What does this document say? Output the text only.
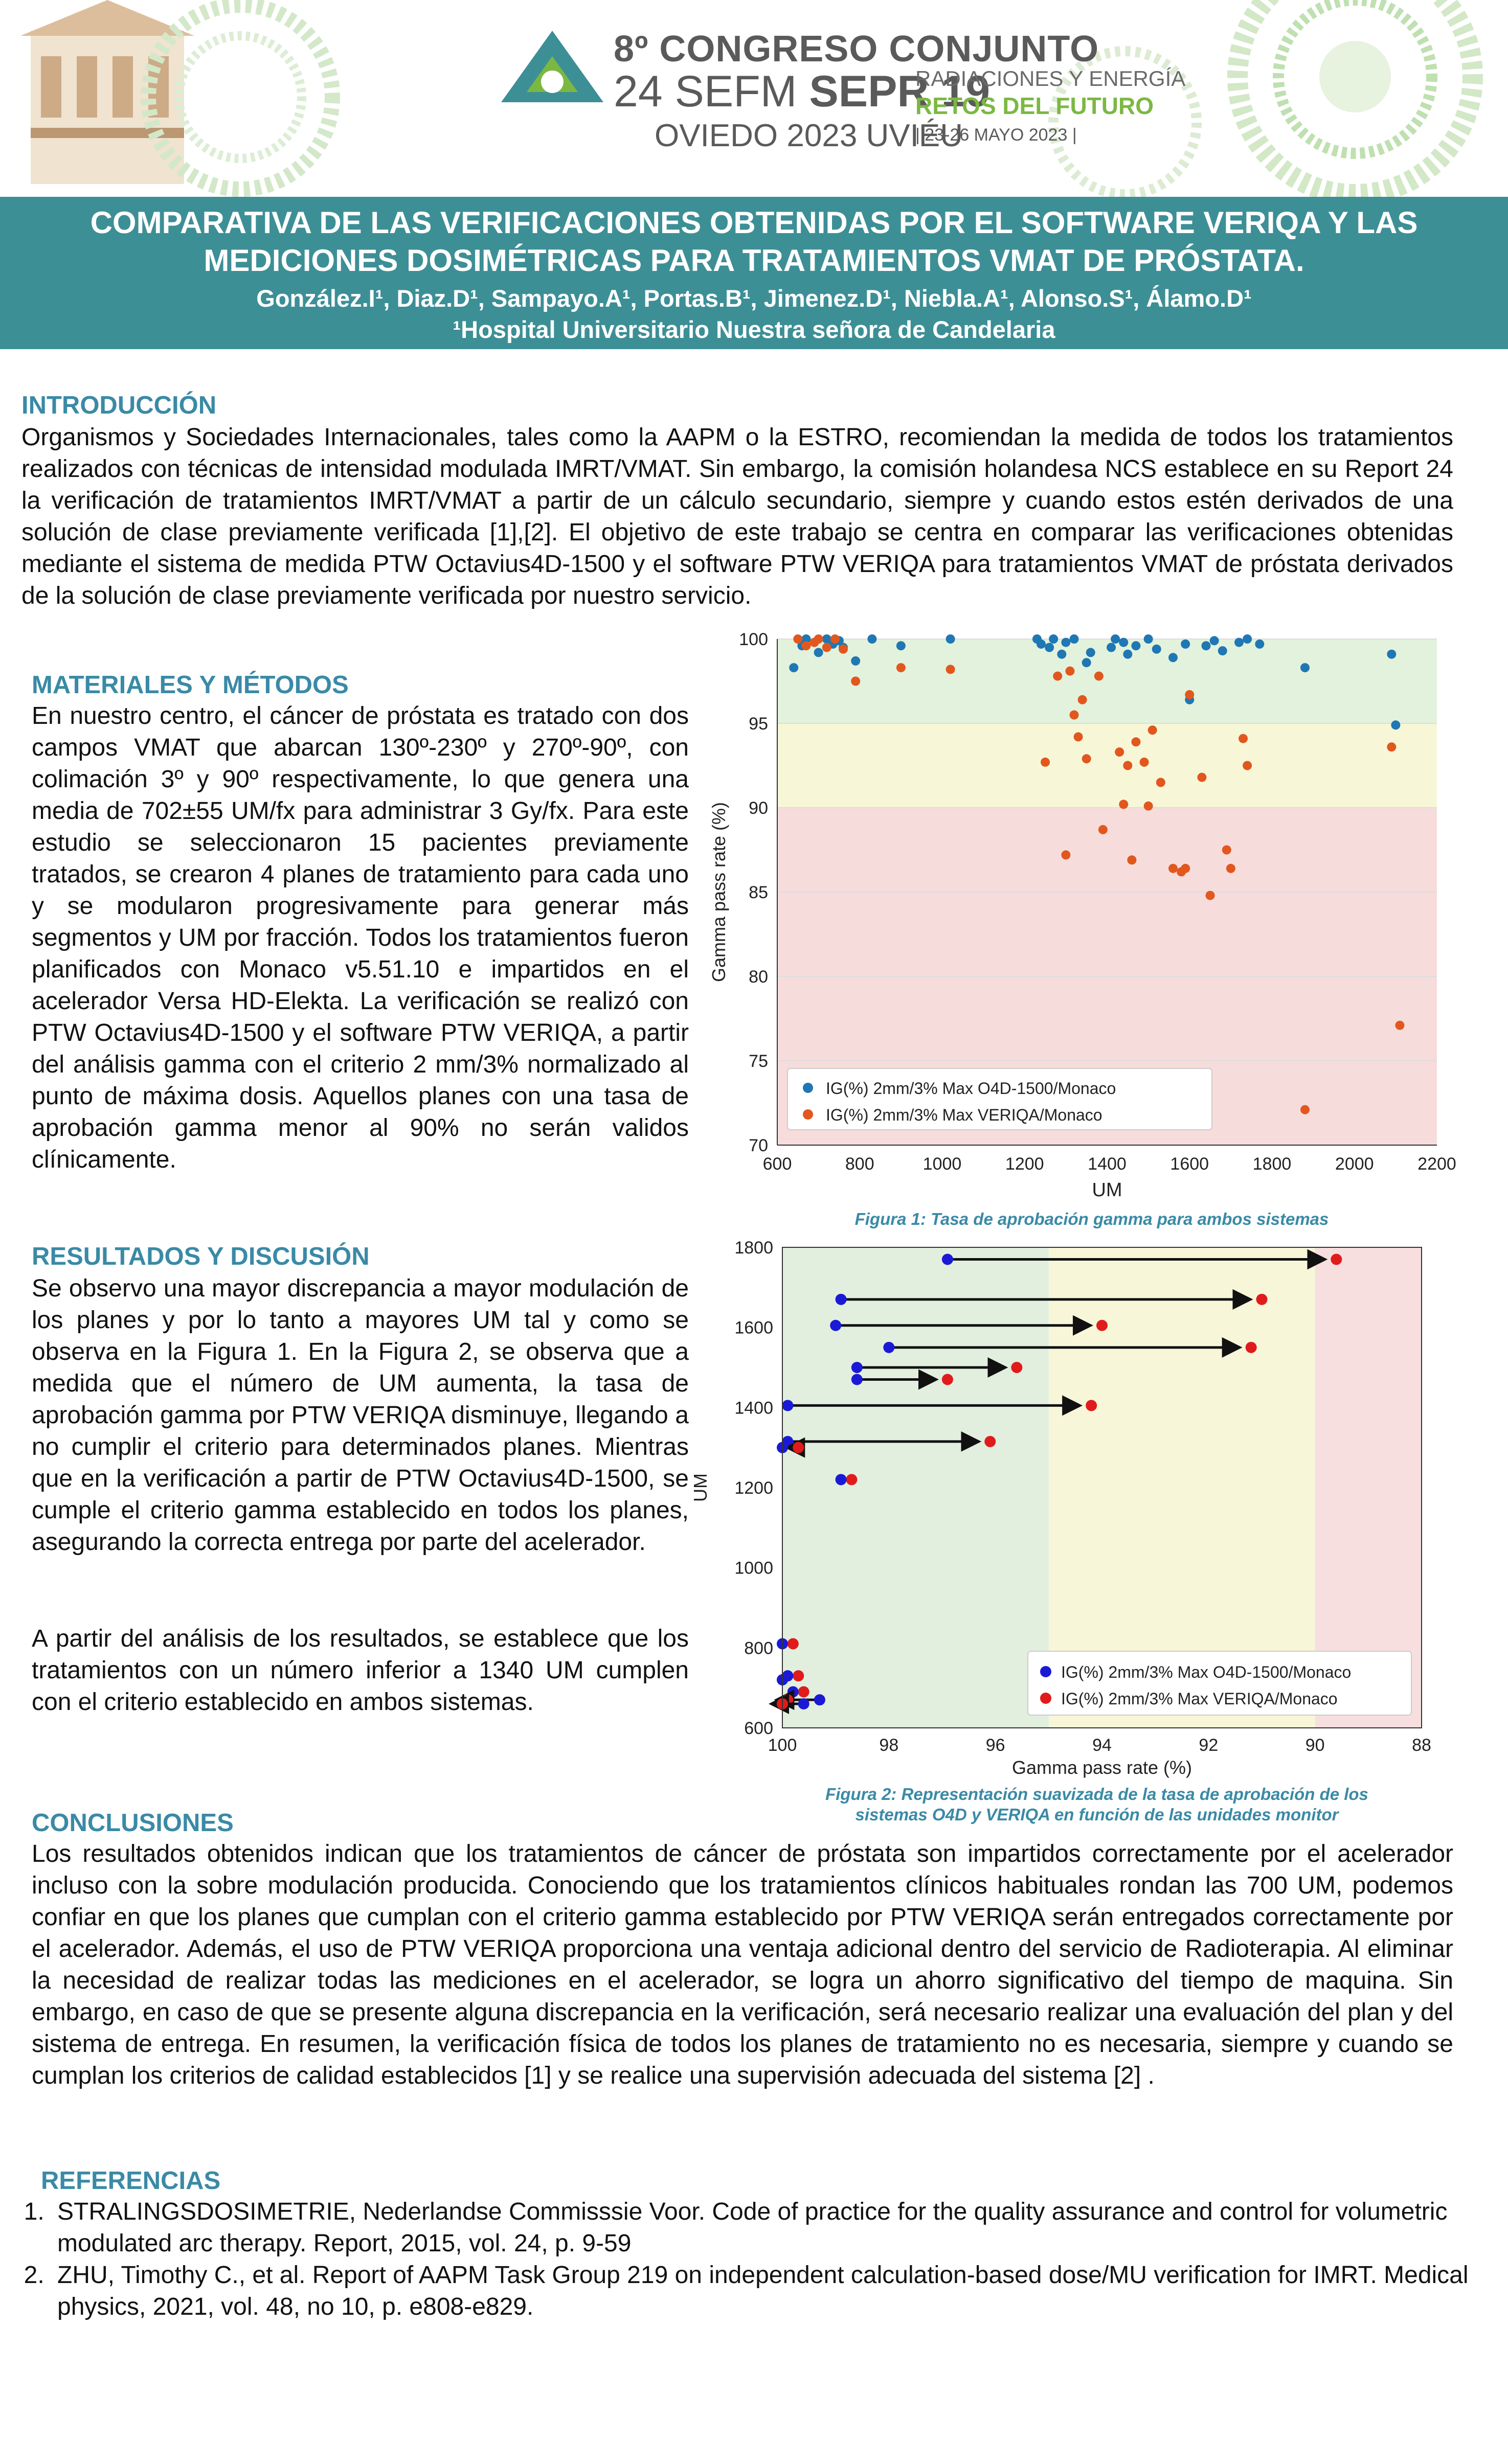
8º CONGRESO CONJUNTO
24 SEFM SEPR 19
OVIEDO 2023 UVIÉU
RADIACIONES Y ENERGÍA
RETOS DEL FUTURO
| 23-26 MAYO 2023 |
COMPARATIVA DE LAS VERIFICACIONES OBTENIDAS POR EL SOFTWARE VERIQA Y LAS MEDICIONES DOSIMÉTRICAS PARA TRATAMIENTOS VMAT DE PRÓSTATA.
González.I¹, Diaz.D¹, Sampayo.A¹, Portas.B¹, Jimenez.D¹, Niebla.A¹, Alonso.S¹, Álamo.D¹
¹Hospital Universitario Nuestra señora de Candelaria
INTRODUCCIÓN
Organismos y Sociedades Internacionales, tales como la AAPM o la ESTRO, recomiendan la medida de todos los tratamientos realizados con técnicas de intensidad modulada IMRT/VMAT. Sin embargo, la comisión holandesa NCS establece en su Report 24 la verificación de tratamientos IMRT/VMAT a partir de un cálculo secundario, siempre y cuando estos estén derivados de una solución de clase previamente verificada [1],[2]. El objetivo de este trabajo se centra en comparar las verificaciones obtenidas mediante el sistema de medida PTW Octavius4D-1500 y el software PTW VERIQA para tratamientos VMAT de próstata derivados de la solución de clase previamente verificada por nuestro servicio.
MATERIALES Y MÉTODOS
En nuestro centro, el cáncer de próstata es tratado con dos campos VMAT que abarcan 130º-230º y 270º-90º, con colimación 3º y 90º respectivamente, lo que genera una media de 702±55 UM/fx para administrar 3 Gy/fx. Para este estudio se seleccionaron 15 pacientes previamente tratados, se crearon 4 planes de tratamiento para cada uno y se modularon progresivamente para generar más segmentos y UM por fracción. Todos los tratamientos fueron planificados con Monaco v5.51.10 e impartidos en el acelerador Versa HD-Elekta. La verificación se realizó con PTW Octavius4D-1500 y el software PTW VERIQA, a partir del análisis gamma con el criterio 2 mm/3% normalizado al punto de máxima dosis. Aquellos planes con una tasa de aprobación gamma menor al 90% no serán validos clínicamente.
RESULTADOS Y DISCUSIÓN
Se observo una mayor discrepancia a mayor modulación de los planes y por lo tanto a mayores UM tal y como se observa en la Figura 1. En la Figura 2, se observa que a medida que el número de UM aumenta, la tasa de aprobación gamma por PTW VERIQA disminuye, llegando a no cumplir el criterio para determinados planes. Mientras que en la verificación a partir de PTW Octavius4D-1500, se cumple el criterio gamma establecido en todos los planes, asegurando la correcta entrega por parte del acelerador.
A partir del análisis de los resultados, se establece que los tratamientos con un número inferior a 1340 UM cumplen con el criterio establecido en ambos sistemas.
70
75
80
85
90
95
100
600	800	1000	1200	1400	1600	1800	2000	2200
UM
Gamma pass rate (%)
IG(%) 2mm/3% Max O4D-1500/Monaco
IG(%) 2mm/3% Max VERIQA/Monaco
Figura 1: Tasa de aprobación gamma para ambos sistemas
600
800
1000
1200
1400
1600
1800
100	98	96	94	92	90	88
Gamma pass rate (%)
UM
IG(%) 2mm/3% Max O4D-1500/Monaco
IG(%) 2mm/3% Max VERIQA/Monaco
Figura 2: Representación suavizada de la tasa de aprobación de los sistemas O4D y VERIQA en función de las unidades monitor
CONCLUSIONES
Los resultados obtenidos indican que los tratamientos de cáncer de próstata son impartidos correctamente por el acelerador incluso con la sobre modulación producida. Conociendo que los tratamientos clínicos habituales rondan las 700 UM, podemos confiar en que los planes que cumplan con el criterio gamma establecido por PTW VERIQA serán entregados correctamente por el acelerador. Además, el uso de PTW VERIQA proporciona una ventaja adicional dentro del servicio de Radioterapia. Al eliminar la necesidad de realizar todas las mediciones en el acelerador, se logra un ahorro significativo del tiempo de maquina. Sin embargo, en caso de que se presente alguna discrepancia en la verificación, será necesario realizar una evaluación del plan y del sistema de entrega. En resumen, la verificación física de todos los planes de tratamiento no es necesaria, siempre y cuando se cumplan los criterios de calidad establecidos [1] y se realice una supervisión adecuada del sistema [2] .
REFERENCIAS
1. STRALINGSDOSIMETRIE, Nederlandse Commisssie Voor. Code of practice for the quality assurance and control for volumetric modulated arc therapy. Report, 2015, vol. 24, p. 9-59
2. ZHU, Timothy C., et al. Report of AAPM Task Group 219 on independent calculation-based dose/MU verification for IMRT. Medical physics, 2021, vol. 48, no 10, p. e808-e829.
